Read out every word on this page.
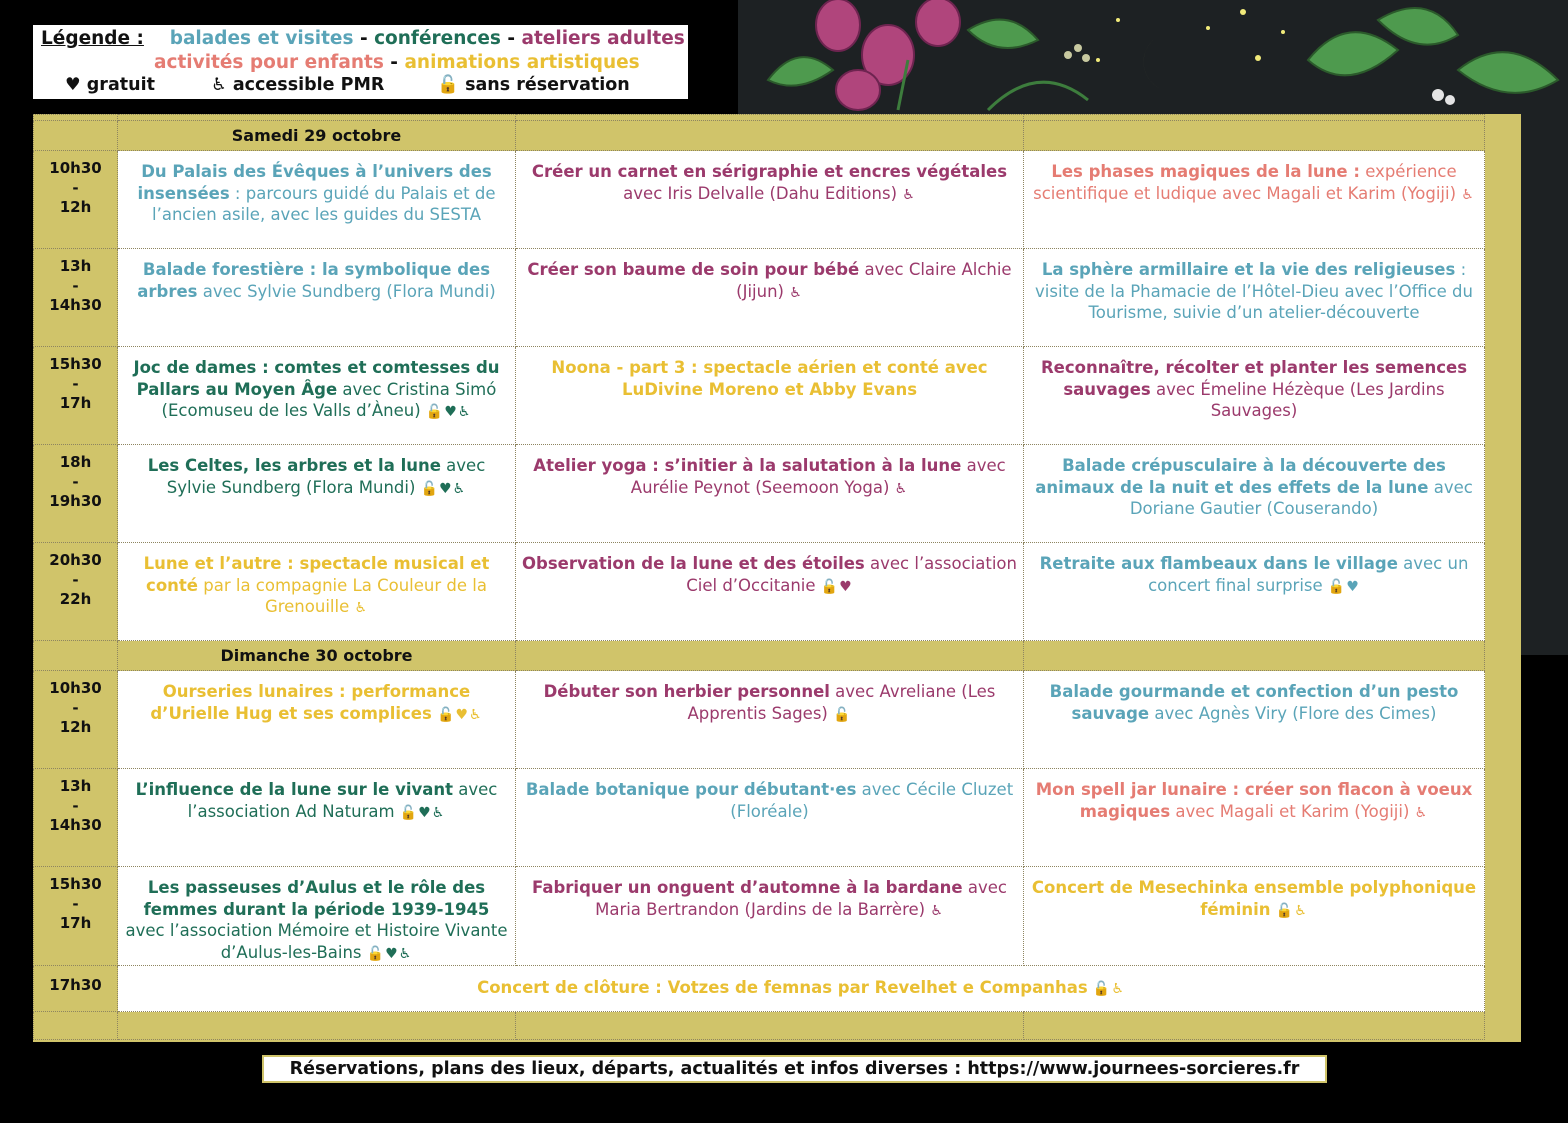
Légende : balades et visites - conférences - ateliers adultes
activités pour enfants - animations artistiques
♥ gratuit	♿ accessible PMR	🔓 sans réservation

	Samedi 29 octobre		

10h30
-
12h	Du Palais des Évêques à l’univers des insensées : parcours guidé du Palais et de l’ancien asile, avec les guides du SESTA	Créer un carnet en sérigraphie et encres végétales avec Iris Delvalle (Dahu Editions) ♿	Les phases magiques de la lune : expérience scientifique et ludique avec Magali et Karim (Yogiji) ♿

13h
-
14h30	Balade forestière : la symbolique des arbres avec Sylvie Sundberg (Flora Mundi)	Créer son baume de soin pour bébé avec Claire Alchie (Jijun) ♿	La sphère armillaire et la vie des religieuses : visite de la Phamacie de l’Hôtel-Dieu avec l’Office du Tourisme, suivie d’un atelier-découverte

15h30
-
17h	Joc de dames : comtes et comtesses du Pallars au Moyen Âge avec Cristina Simó (Ecomuseu de les Valls d’Àneu) 🔓♥♿	Noona - part 3 : spectacle aérien et conté avec LuDivine Moreno et Abby Evans	Reconnaître, récolter et planter les semences sauvages avec Émeline Hézèque (Les Jardins Sauvages)

18h
-
19h30	Les Celtes, les arbres et la lune avec Sylvie Sundberg (Flora Mundi) 🔓♥♿	Atelier yoga : s’initier à la salutation à la lune avec Aurélie Peynot (Seemoon Yoga) ♿	Balade crépusculaire à la découverte des animaux de la nuit et des effets de la lune avec Doriane Gautier (Couserando)

20h30
-
22h	Lune et l’autre : spectacle musical et conté par la compagnie La Couleur de la Grenouille ♿	Observation de la lune et des étoiles avec l’association Ciel d’Occitanie 🔓♥	Retraite aux flambeaux dans le village avec un concert final surprise 🔓♥
	Dimanche 30 octobre		

10h30
-
12h	Ourseries lunaires : performance d’Urielle Hug et ses complices 🔓♥♿	Débuter son herbier personnel avec Avreliane (Les Apprentis Sages) 🔓	Balade gourmande et confection d’un pesto sauvage avec Agnès Viry (Flore des Cimes)

13h
-
14h30	L’influence de la lune sur le vivant avec l’association Ad Naturam 🔓♥♿	Balade botanique pour débutant·es avec Cécile Cluzet (Floréale)	Mon spell jar lunaire : créer son flacon à voeux magiques avec Magali et Karim (Yogiji) ♿

15h30
-
17h	Les passeuses d’Aulus et le rôle des femmes durant la période 1939-1945 avec l’association Mémoire et Histoire Vivante d’Aulus-les-Bains 🔓♥♿	Fabriquer un onguent d’automne à la bardane avec Maria Bertrandon (Jardins de la Barrère) ♿	Concert de Mesechinka ensemble polyphonique féminin 🔓♿

17h30	Concert de clôture : Votzes de femnas par Revelhet e Companhas 🔓♿		

Réservations, plans des lieux, départs, actualités et infos diverses : https://www.journees-sorcieres.fr
